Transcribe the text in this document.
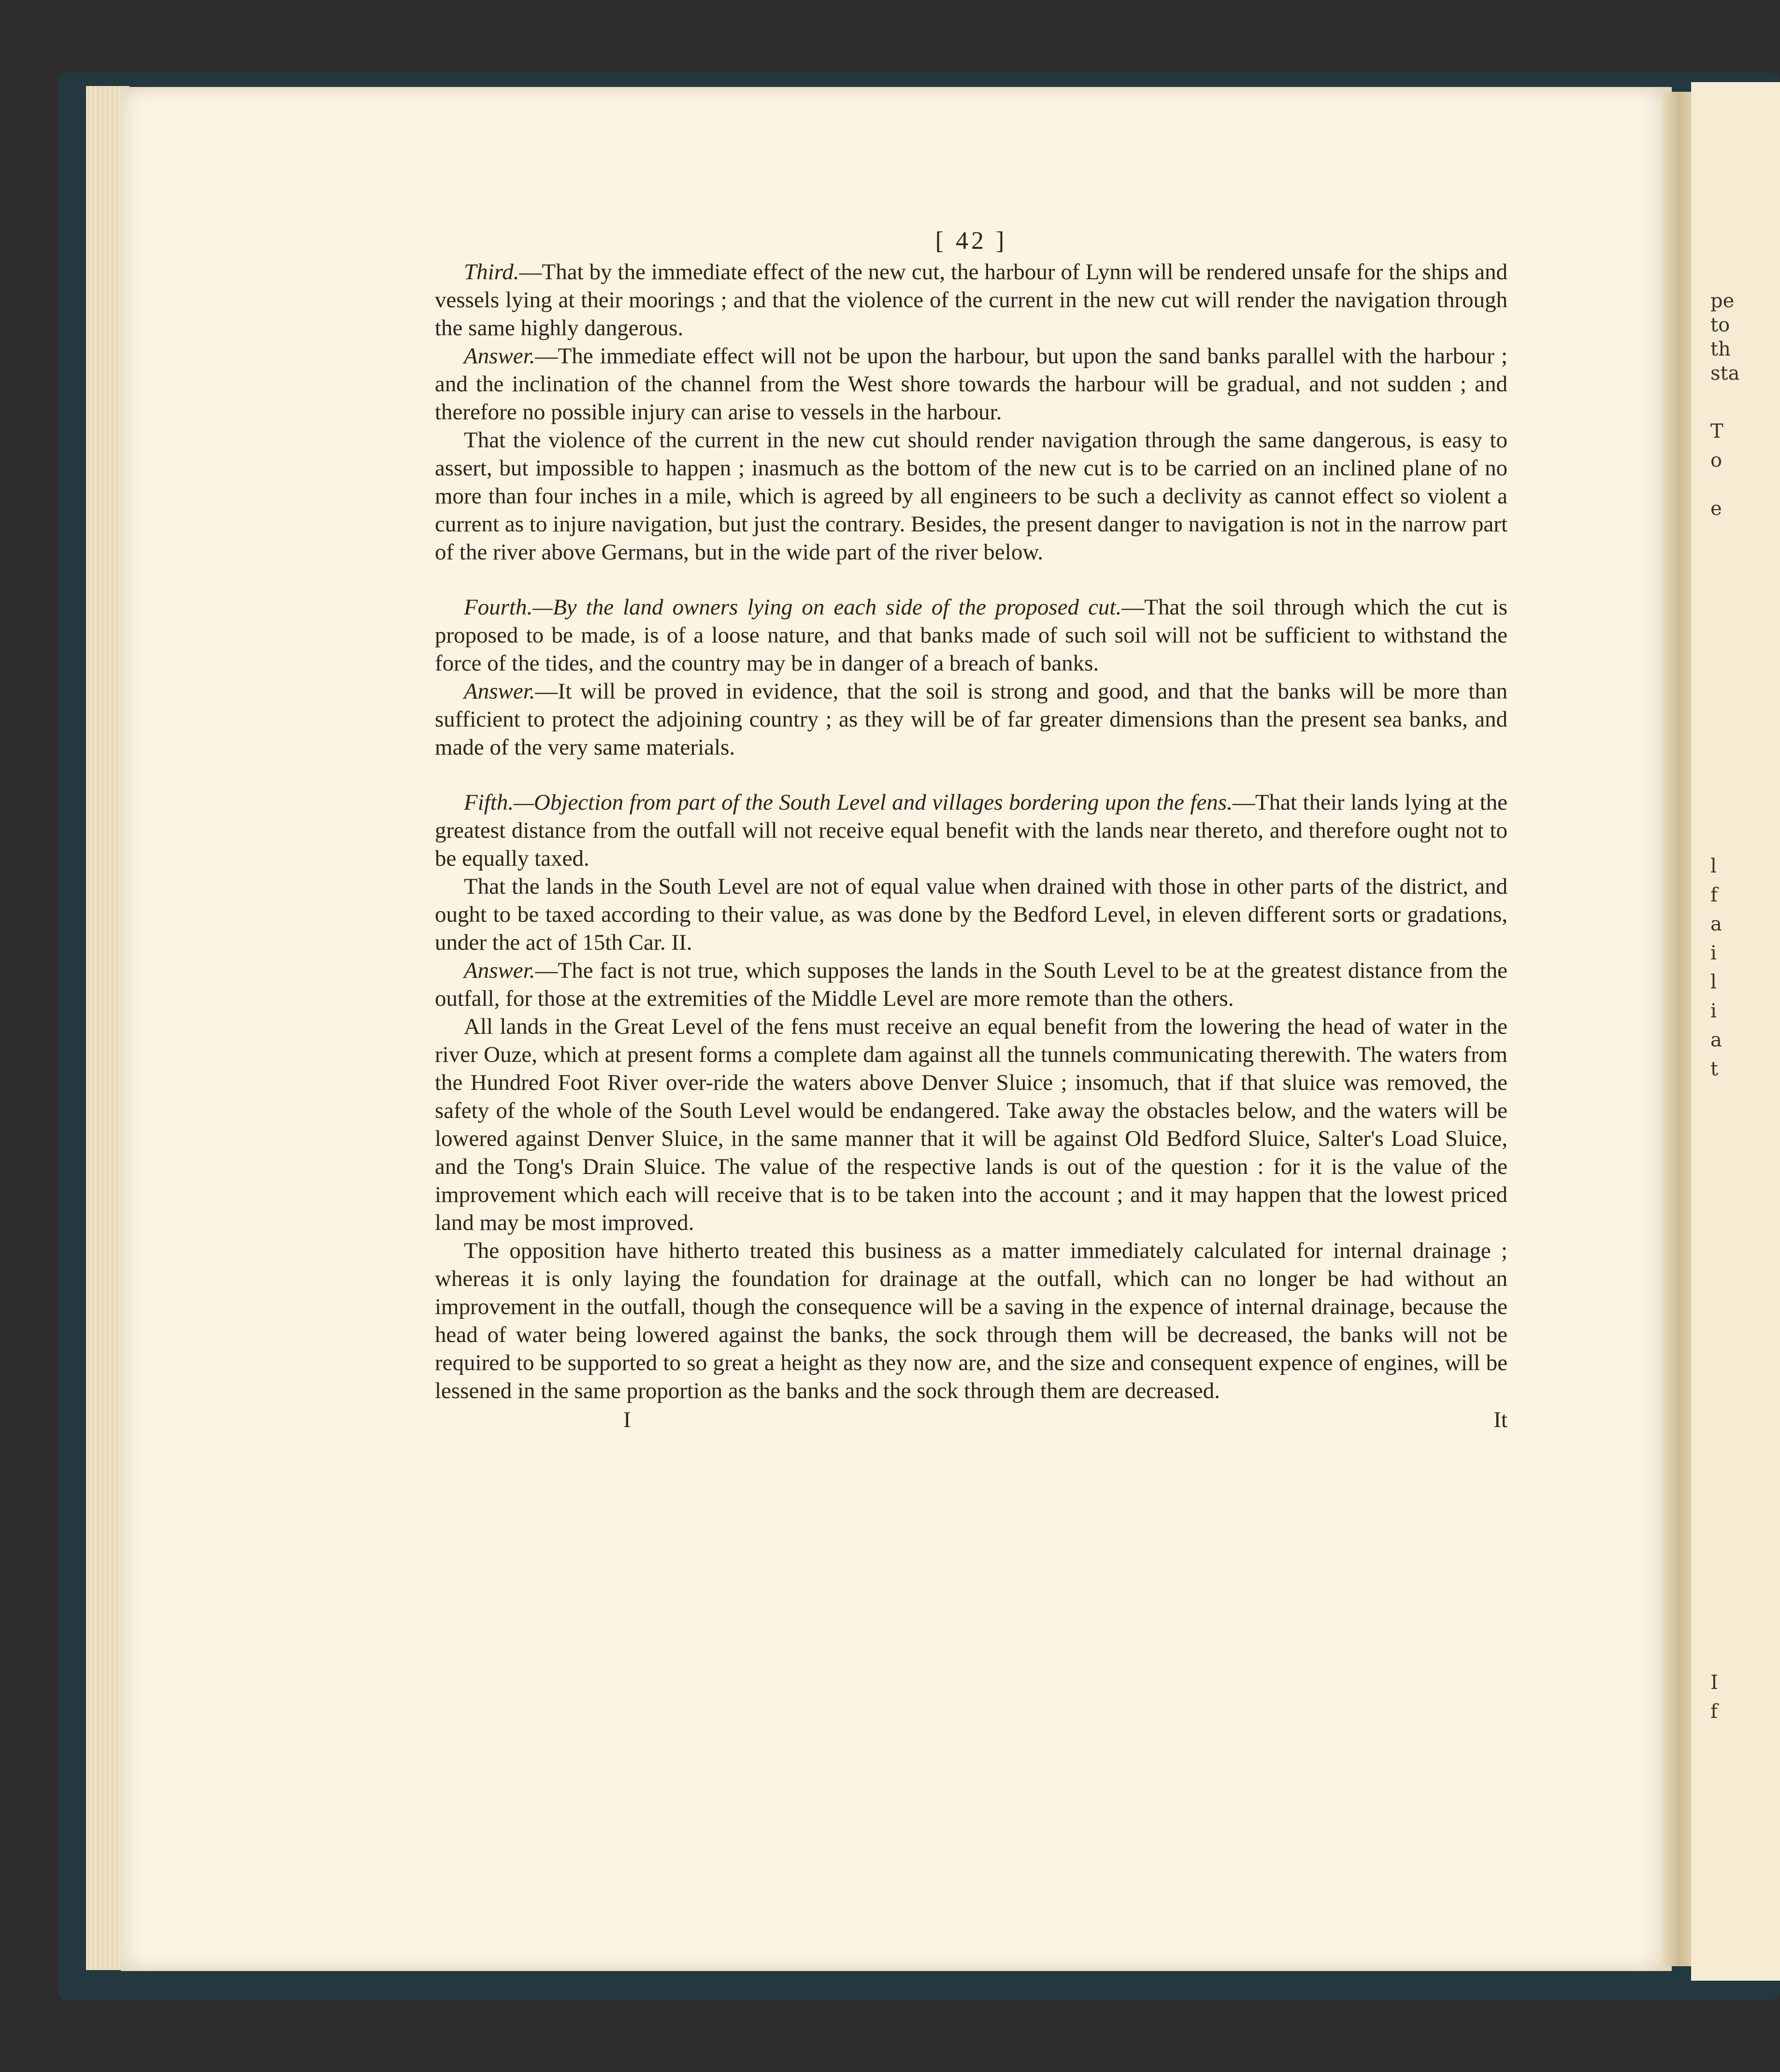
pe
to
th
sta
T
o
e
l
f
a
i
l
i
a
t
I
f
[ 42 ]

Third.—That by the immediate effect of the new cut, the harbour of Lynn will be rendered unsafe for the ships and vessels lying at their moorings ; and that the violence of the current in the new cut will render the navigation through the same highly dangerous.

Answer.—The immediate effect will not be upon the harbour, but upon the sand banks parallel with the harbour ; and the inclination of the channel from the West shore towards the harbour will be gradual, and not sudden ; and therefore no possible injury can arise to vessels in the harbour.

That the violence of the current in the new cut should render navigation through the same dangerous, is easy to assert, but impossible to happen ; inasmuch as the bottom of the new cut is to be carried on an inclined plane of no more than four inches in a mile, which is agreed by all engineers to be such a declivity as cannot effect so violent a current as to injure navigation, but just the contrary. Besides, the present danger to navigation is not in the narrow part of the river above Germans, but in the wide part of the river below.

Fourth.—By the land owners lying on each side of the proposed cut.—That the soil through which the cut is proposed to be made, is of a loose nature, and that banks made of such soil will not be sufficient to withstand the force of the tides, and the country may be in danger of a breach of banks.

Answer.—It will be proved in evidence, that the soil is strong and good, and that the banks will be more than sufficient to protect the adjoining country ; as they will be of far greater dimensions than the present sea banks, and made of the very same materials.

Fifth.—Objection from part of the South Level and villages bordering upon the fens.—That their lands lying at the greatest distance from the outfall will not receive equal benefit with the lands near thereto, and therefore ought not to be equally taxed.

That the lands in the South Level are not of equal value when drained with those in other parts of the district, and ought to be taxed according to their value, as was done by the Bedford Level, in eleven different sorts or gradations, under the act of 15th Car. II.

Answer.—The fact is not true, which supposes the lands in the South Level to be at the greatest distance from the outfall, for those at the extremities of the Middle Level are more remote than the others.

All lands in the Great Level of the fens must receive an equal benefit from the lowering the head of water in the river Ouze, which at present forms a complete dam against all the tunnels communicating therewith. The waters from the Hundred Foot River over-ride the waters above Denver Sluice ; insomuch, that if that sluice was removed, the safety of the whole of the South Level would be endangered. Take away the obstacles below, and the waters will be lowered against Denver Sluice, in the same manner that it will be against Old Bedford Sluice, Salter's Load Sluice, and the Tong's Drain Sluice. The value of the respective lands is out of the question : for it is the value of the improvement which each will receive that is to be taken into the account ; and it may happen that the lowest priced land may be most improved.

The opposition have hitherto treated this business as a matter immediately calculated for internal drainage ; whereas it is only laying the foundation for drainage at the outfall, which can no longer be had without an improvement in the outfall, though the consequence will be a saving in the expence of internal drainage, because the head of water being lowered against the banks, the sock through them will be decreased, the banks will not be required to be supported to so great a height as they now are, and the size and consequent expence of engines, will be lessened in the same proportion as the banks and the sock through them are decreased.

I	It
